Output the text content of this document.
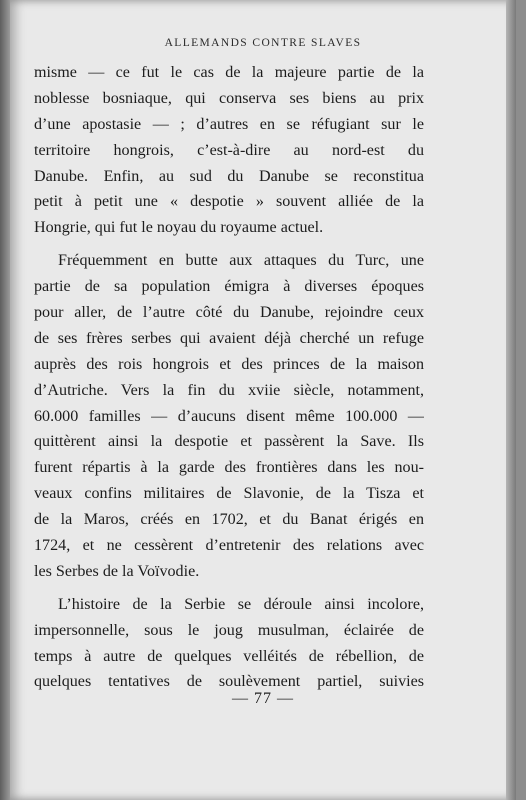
ALLEMANDS CONTRE SLAVES
misme — ce fut le cas de la majeure partie de la
noblesse bosniaque, qui conserva ses biens au prix
d’une apostasie — ; d’autres en se réfugiant sur le
territoire hongrois, c’est-à-dire au nord-est du
Danube. Enfin, au sud du Danube se reconstitua
petit à petit une « despotie » souvent alliée de la
Hongrie, qui fut le noyau du royaume actuel.
Fréquemment en butte aux attaques du Turc, une
partie de sa population émigra à diverses époques
pour aller, de l’autre côté du Danube, rejoindre ceux
de ses frères serbes qui avaient déjà cherché un refuge
auprès des rois hongrois et des princes de la maison
d’Autriche. Vers la fin du xviie siècle, notamment,
60.000 familles — d’aucuns disent même 100.000 —
quittèrent ainsi la despotie et passèrent la Save. Ils
furent répartis à la garde des frontières dans les nou-
veaux confins militaires de Slavonie, de la Tisza et
de la Maros, créés en 1702, et du Banat érigés en
1724, et ne cessèrent d’entretenir des relations avec
les Serbes de la Voïvodie.
L’histoire de la Serbie se déroule ainsi incolore,
impersonnelle, sous le joug musulman, éclairée de
temps à autre de quelques velléités de rébellion, de
quelques tentatives de soulèvement partiel, suivies
— 77 —
